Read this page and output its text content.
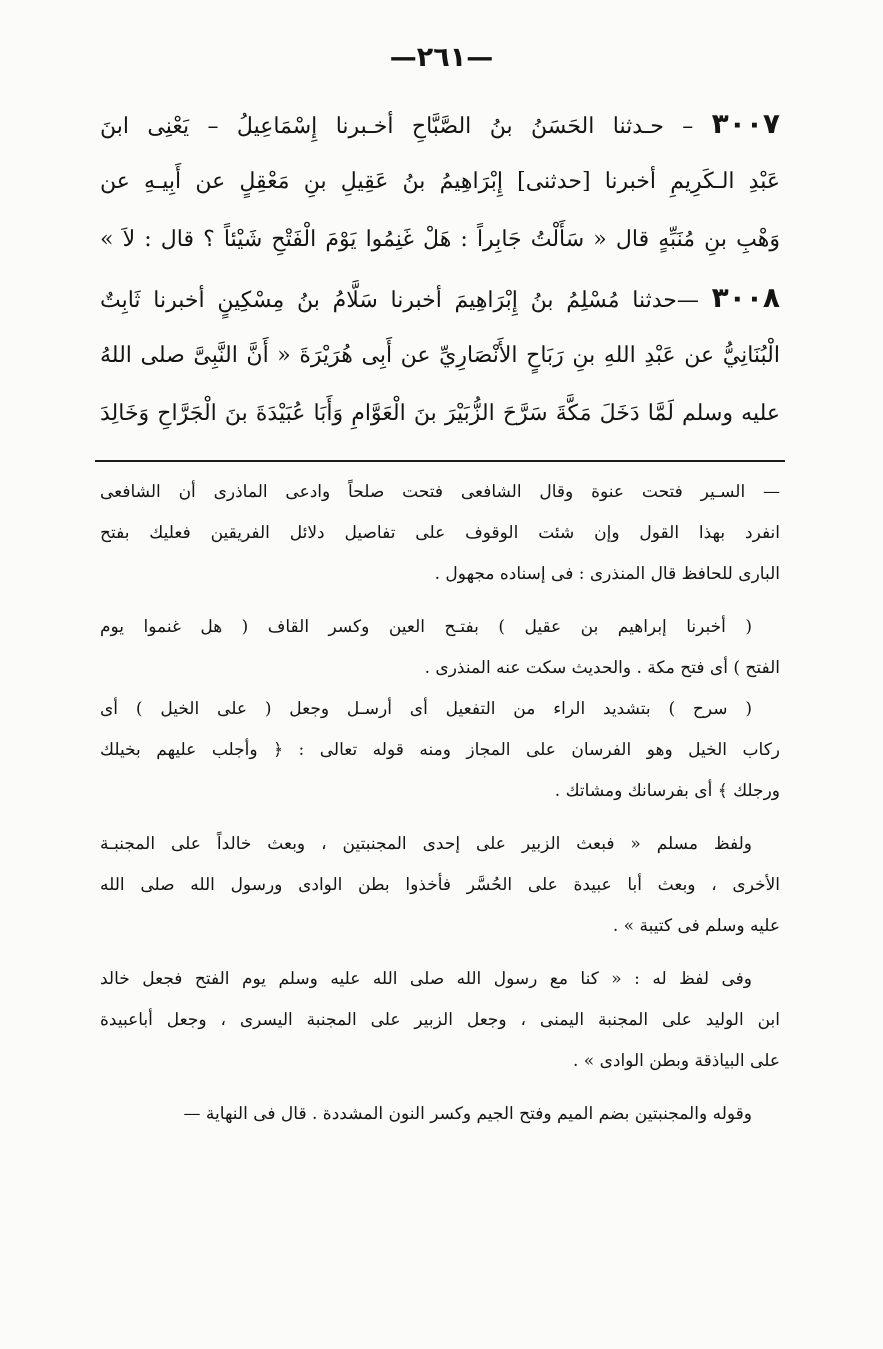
—٢٦١—
٣٠٠٧ – حـدثنا الحَسَنُ بنُ الصَّبَّاحِ أخـبرنا إِسْمَاعِيلُ – يَعْنِى ابنَ
عَبْدِ الـكَرِيمِ أخبرنا [حدثنى] إِبْرَاهِيمُ بنُ عَقِيلِ بنِ مَعْقِلٍ عن أَبِيـهِ عن
وَهْبِ بنِ مُنَبِّهٍ قال « سَأَلْتُ جَابِراً : هَلْ غَنِمُوا يَوْمَ الْفَتْحِ شَيْئاً ؟ قال : لاَ »
٣٠٠٨ —حدثنا مُسْلِمُ بنُ إِبْرَاهِيمَ أخبرنا سَلَّامُ بنُ مِسْكِينٍ أخبرنا ثَابِتٌ
الْبُنَانِيُّ عن عَبْدِ اللهِ بنِ رَبَاحٍ الأَنْصَارِيِّ عن أَبِى هُرَيْرَةَ « أَنَّ النَّبِىَّ صلى اللهُ
عليه وسلم لَمَّا دَخَلَ مَكَّةَ سَرَّحَ الزُّبَيْرَ بنَ الْعَوَّامِ وَأَبَا عُبَيْدَةَ بنَ الْجَرَّاحِ وَخَالِدَ
— السـير فتحت عنوة وقال الشافعى فتحت صلحاً وادعى الماذرى أن الشافعى
انفرد بهذا القول وإن شئت الوقوف على تفاصيل دلائل الفريقين فعليك بفتح
البارى للحافظ قال المنذرى : فى إسناده مجهول .
( أخبرنا إبراهيم بن عقيل ) بفتـح العين وكسر القاف ( هل غنموا يوم
الفتح ) أى فتح مكة . والحديث سكت عنه المنذرى .
( سرح ) بتشديد الراء من التفعيل أى أرسـل وجعل ( على الخيل ) أى
ركاب الخيل وهو الفرسان على المجاز ومنه قوله تعالى : ﴿ وأجلب عليهم بخيلك
ورجلك ﴾ أى بفرسانك ومشاتك .
ولفظ مسلم « فبعث الزبير على إحدى المجنبتين ، وبعث خالداً على المجنبـة
الأخرى ، وبعث أبا عبيدة على الحُسَّر فأخذوا بطن الوادى ورسول الله صلى الله
عليه وسلم فى كتيبة » .
وفى لفظ له : « كنا مع رسول الله صلى الله عليه وسلم يوم الفتح فجعل خالد
ابن الوليد على المجنبة اليمنى ، وجعل الزبير على المجنبة اليسرى ، وجعل أباعبيدة
على البياذقة وبطن الوادى » .
وقوله والمجنبتين بضم الميم وفتح الجيم وكسر النون المشددة . قال فى النهاية —
